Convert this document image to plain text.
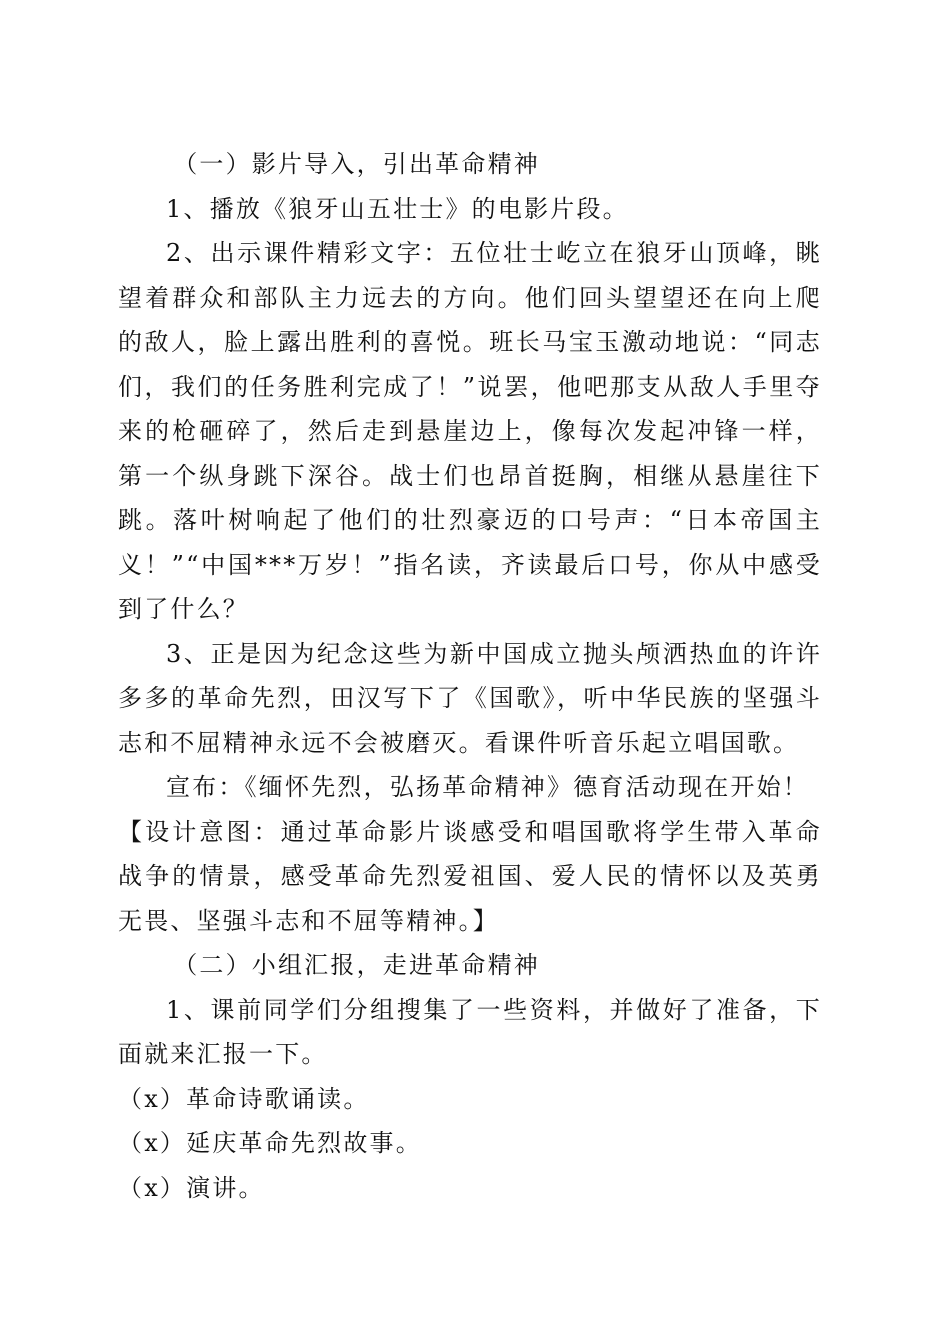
（一）影片导入，引出革命精神

1、播放《狼牙山五壮士》的电影片段。

2、出示课件精彩文字：五位壮士屹立在狼牙山顶峰，眺望着群众和部队主力远去的方向。他们回头望望还在向上爬的敌人，脸上露出胜利的喜悦。班长马宝玉激动地说：“同志们，我们的任务胜利完成了！”说罢，他吧那支从敌人手里夺来的枪砸碎了，然后走到悬崖边上，像每次发起冲锋一样，第一个纵身跳下深谷。战士们也昂首挺胸，相继从悬崖往下跳。落叶树响起了他们的壮烈豪迈的口号声：“日本帝国主义！”“中国***万岁！”指名读，齐读最后口号，你从中感受到了什么？

3、正是因为纪念这些为新中国成立抛头颅洒热血的许许多多的革命先烈，田汉写下了《国歌》，听中华民族的坚强斗志和不屈精神永远不会被磨灭。看课件听音乐起立唱国歌。

宣布：《缅怀先烈，弘扬革命精神》德育活动现在开始！

【设计意图：通过革命影片谈感受和唱国歌将学生带入革命战争的情景，感受革命先烈爱祖国、爱人民的情怀以及英勇无畏、坚强斗志和不屈等精神。】

（二）小组汇报，走进革命精神

1、课前同学们分组搜集了一些资料，并做好了准备，下面就来汇报一下。

（x）革命诗歌诵读。

（x）延庆革命先烈故事。

（x）演讲。
